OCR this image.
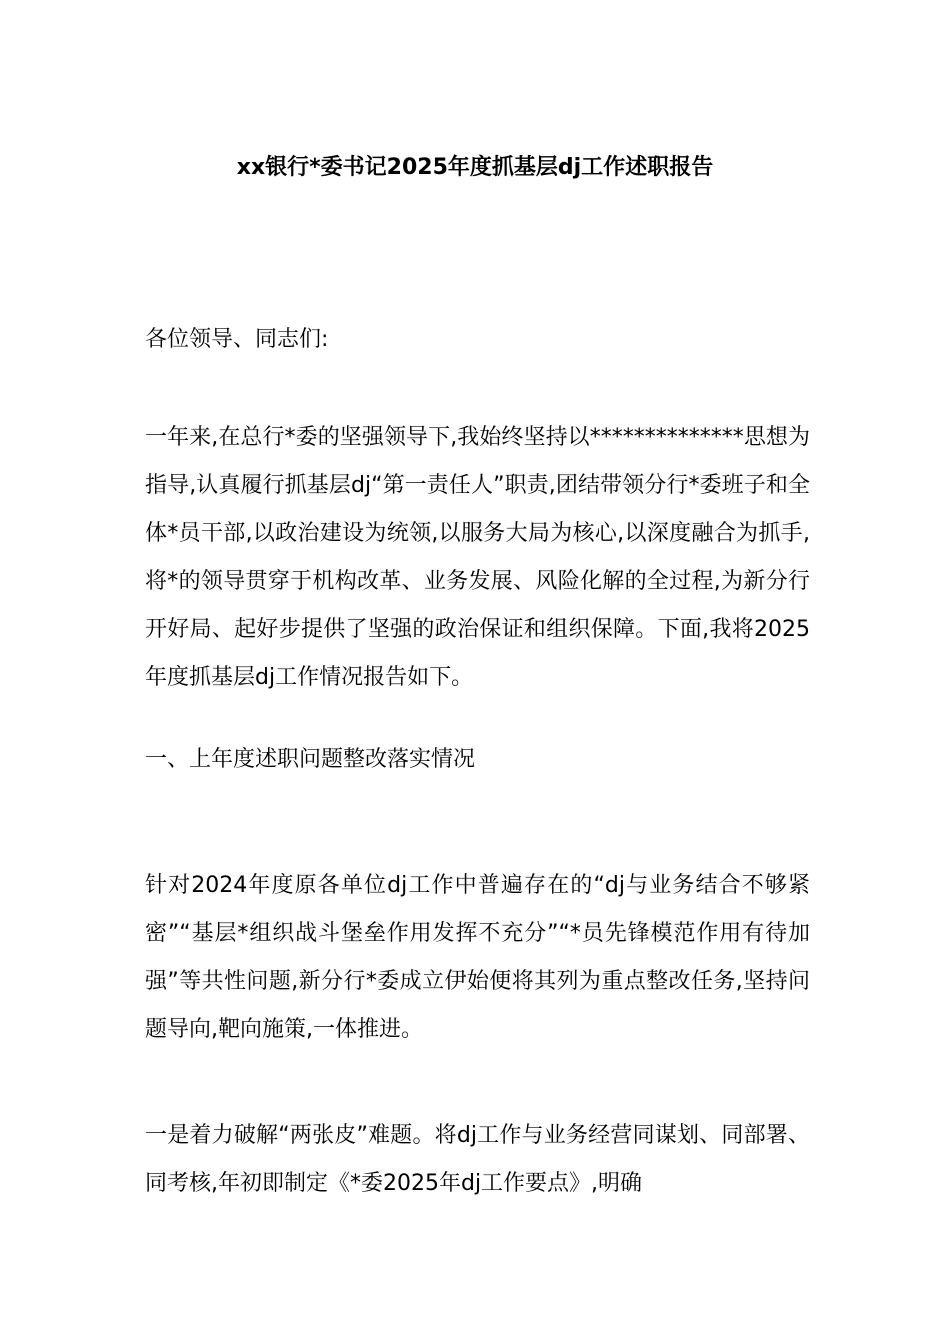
xx银行*委书记2025年度抓基层dj工作述职报告
各位领导、同志们:
一年来,在总行*委的坚强领导下,我始终坚持以**************思想为指导,认真履行抓基层dj“第一责任人”职责,团结带领分行*委班子和全体*员干部,以政治建设为统领,以服务大局为核心,以深度融合为抓手,将*的领导贯穿于机构改革、业务发展、风险化解的全过程,为新分行开好局、起好步提供了坚强的政治保证和组织保障。下面,我将2025年度抓基层dj工作情况报告如下。
一、上年度述职问题整改落实情况
针对2024年度原各单位dj工作中普遍存在的“dj与业务结合不够紧密”“基层*组织战斗堡垒作用发挥不充分”“*员先锋模范作用有待加强”等共性问题,新分行*委成立伊始便将其列为重点整改任务,坚持问题导向,靶向施策,一体推进。
一是着力破解“两张皮”难题。将dj工作与业务经营同谋划、同部署、同考核,年初即制定《*委2025年dj工作要点》,明确
